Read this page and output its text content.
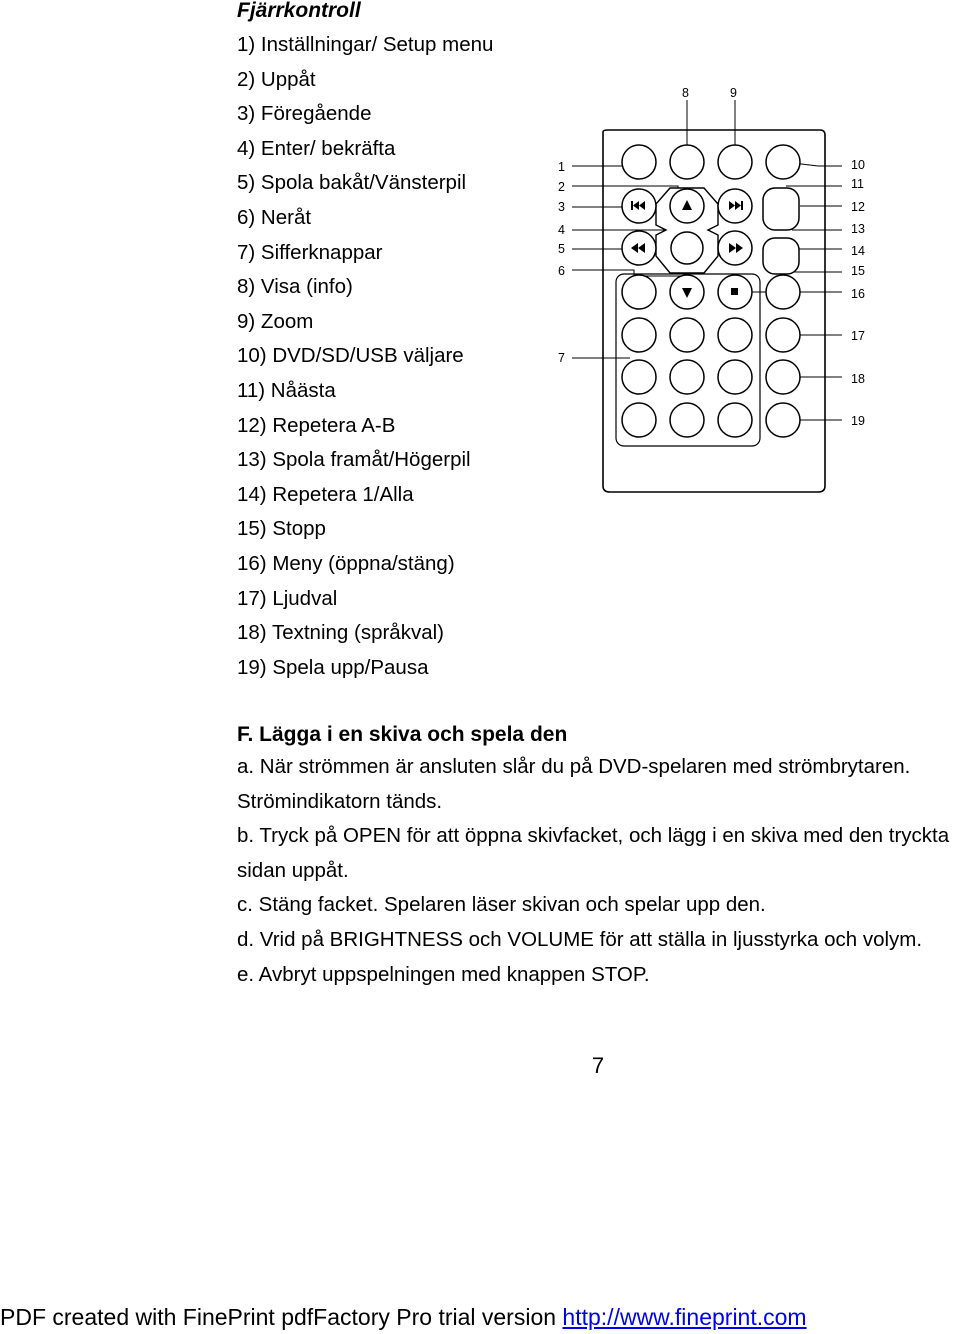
Fjärrkontroll
1) Inställningar/ Setup menu
2) Uppåt
3) Föregående
4) Enter/ bekräfta
5) Spola bakåt/Vänsterpil
6) Neråt
7) Sifferknappar
8) Visa (info)
9) Zoom
10) DVD/SD/USB väljare
11) Nåästa
12) Repetera A-B
13) Spola framåt/Högerpil
14) Repetera 1/Alla
15) Stopp
16) Meny (öppna/stäng)
17) Ljudval
18) Textning (språkval)
19) Spela upp/Pausa
1
2
3
4
5
6
7
8	9
10
11
12
13
14
15
16
17
18
19
F. Lägga i en skiva och spela den
a. När strömmen är ansluten slår du på DVD-spelaren med strömbrytaren. Strömindikatorn tänds.
b. Tryck på OPEN för att öppna skivfacket, och lägg i en skiva med den tryckta sidan uppåt.
c. Stäng facket. Spelaren läser skivan och spelar upp den.
d. Vrid på BRIGHTNESS och VOLUME för att ställa in ljusstyrka och volym.
e. Avbryt uppspelningen med knappen STOP.
7
PDF created with FinePrint pdfFactory Pro trial version http://www.fineprint.com
